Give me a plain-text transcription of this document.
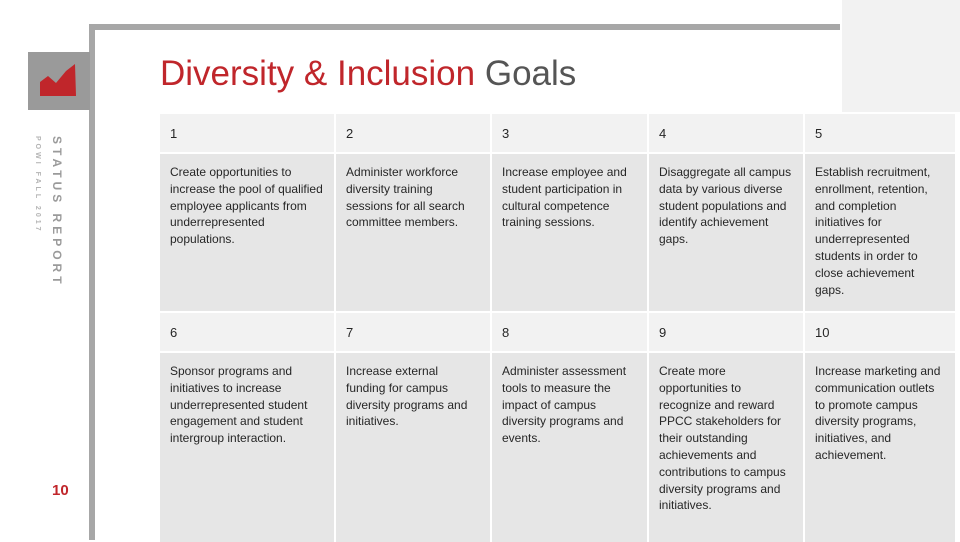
STATUS REPORT
POWI FALL 2017
10
Diversity & Inclusion Goals
1	2	3	4	5

Create opportunities to increase the pool of qualified employee applicants from underrepresented populations.	Administer workforce diversity training sessions for all search committee members.	Increase employee and student participation in cultural competence training sessions.	Disaggregate all campus data by various diverse student populations and identify achievement gaps.	Establish recruitment, enrollment, retention, and completion initiatives for underrepresented students in order to close achievement gaps.

6	7	8	9	10

Sponsor programs and initiatives to increase underrepresented student engagement and student intergroup interaction.	Increase external funding for campus diversity programs and initiatives.	Administer assessment tools to measure the impact of campus diversity programs and events.	Create more opportunities to recognize and reward PPCC stakeholders for their outstanding achievements and contributions to campus diversity programs and initiatives.	Increase marketing and communication outlets to promote campus diversity programs, initiatives, and achievement.
